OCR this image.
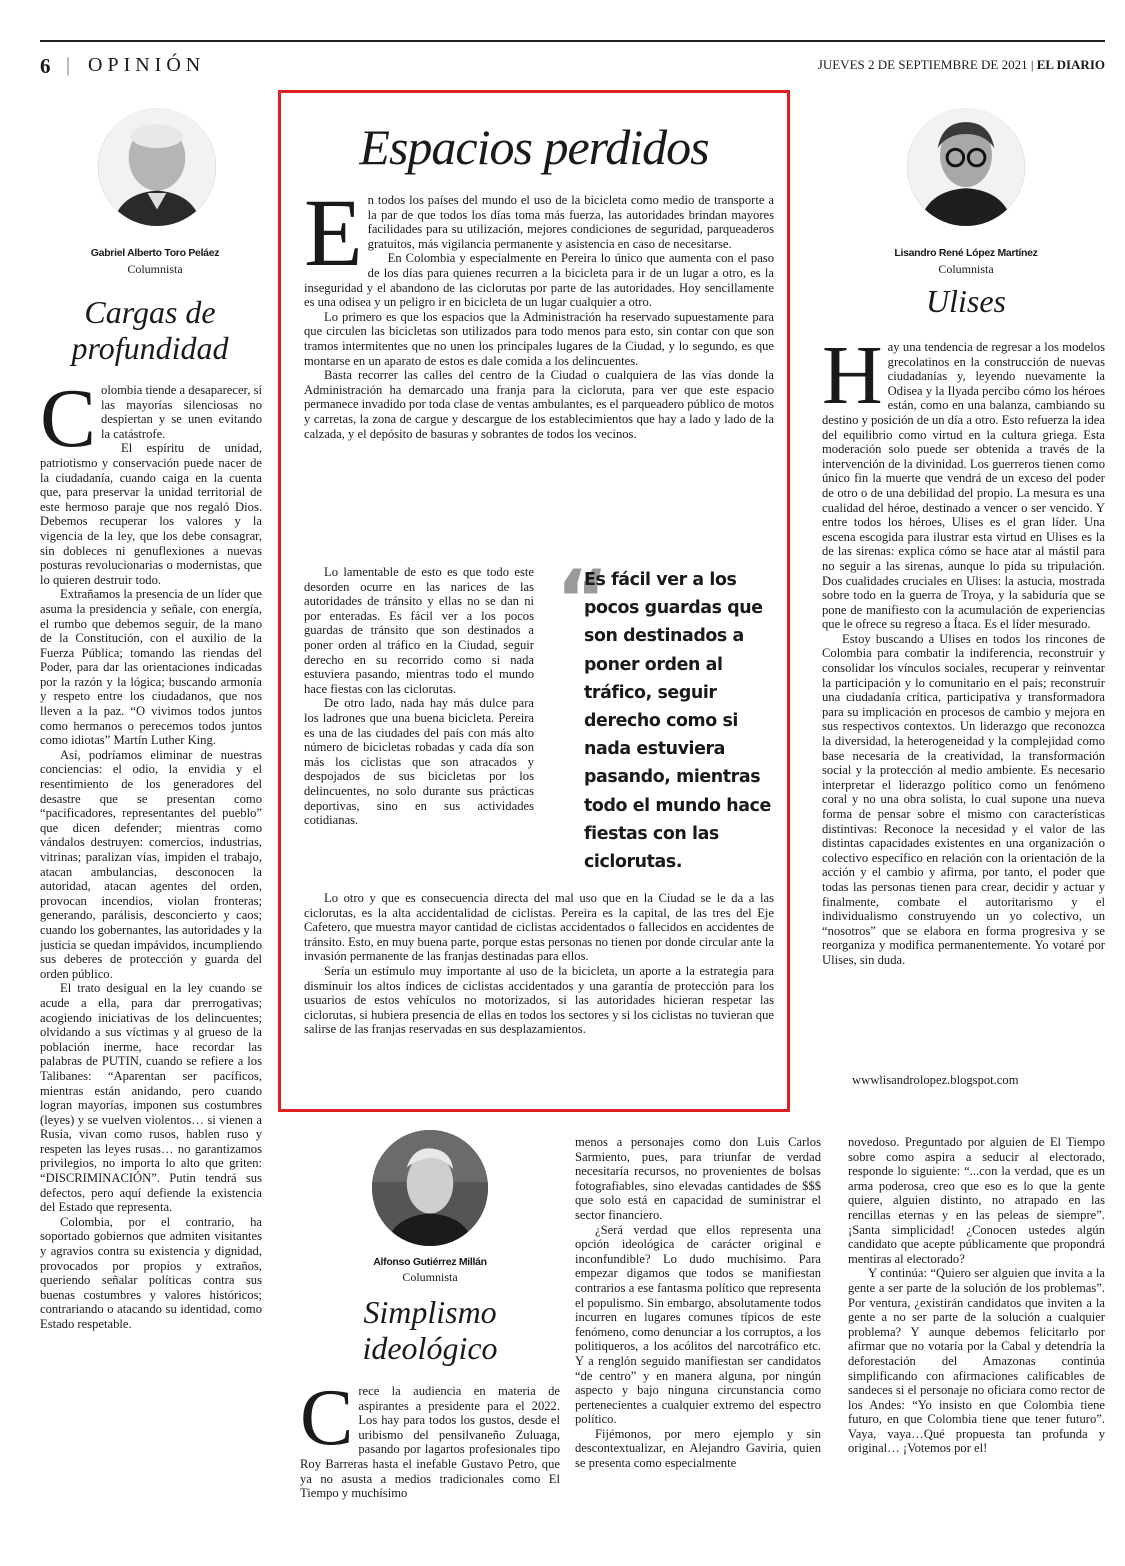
6 | OPINIÓN	JUEVES 2 DE SEPTIEMBRE DE 2021 | EL DIARIO
Gabriel Alberto Toro Peláez
Columnista
Cargas de
profundidad
C olombia tiende a desaparecer, sí las mayorías silenciosas no despiertan y se unen evitando la catástrofe.

El espíritu de unidad, patriotismo y conservación puede nacer de la ciudadanía, cuando caiga en la cuenta que, para preservar la unidad territorial de este hermoso paraje que nos regaló Dios. Debemos recuperar los valores y la vigencia de la ley, que los debe consagrar, sin dobleces ni genuflexiones a nuevas posturas revolucionarias o modernistas, que lo quieren destruir todo.

Extrañamos la presencia de un líder que asuma la presidencia y señale, con energía, el rumbo que debemos seguir, de la mano de la Constitución, con el auxilio de la Fuerza Pública; tomando las riendas del Poder, para dar las orientaciones indicadas por la razón y la lógica; buscando armonía y respeto entre los ciudadanos, que nos lleven a la paz. “O vivimos todos juntos como hermanos o perecemos todos juntos como idiotas” Martín Luther King.

Así, podríamos eliminar de nuestras conciencias: el odio, la envidia y el resentimiento de los generadores del desastre que se presentan como “pacificadores, representantes del pueblo” que dicen defender; mientras como vándalos destruyen: comercios, industrias, vitrinas; paralizan vías, impiden el trabajo, atacan ambulancias, desconocen la autoridad, atacan agentes del orden, provocan incendios, violan fronteras; generando, parálisis, desconcierto y caos; cuando los gobernantes, las autoridades y la justicia se quedan impávidos, incumpliendo sus deberes de protección y guarda del orden público.

El trato desigual en la ley cuando se acude a ella, para dar prerrogativas; acogiendo iniciativas de los delincuentes; olvidando a sus víctimas y al grueso de la población inerme, hace recordar las palabras de PUTIN, cuando se refiere a los Talibanes: “Aparentan ser pacíficos, mientras están anidando, pero cuando logran mayorías, imponen sus costumbres (leyes) y se vuelven violentos… si vienen a Rusia, vivan como rusos, hablen ruso y respeten las leyes rusas… no garantizamos privilegios, no importa lo alto que griten: “DISCRIMINACIÓN”. Putin tendrá sus defectos, pero aquí defiende la existencia del Estado que representa.

Colombia, por el contrario, ha soportado gobiernos que admiten visitantes y agravios contra su existencia y dignidad, provocados por propios y extraños, queriendo señalar políticas contra sus buenas costumbres y valores históricos; contrariando o atacando su identidad, como Estado respetable.

Espacios perdidos
E n todos los países del mundo el uso de la bicicleta como medio de transporte a la par de que todos los días toma más fuerza, las autoridades brindan mayores facilidades para su utilización, mejores condiciones de seguridad, parqueaderos gratuitos, más vigilancia permanente y asistencia en caso de necesitarse.

En Colombia y especialmente en Pereira lo único que aumenta con el paso de los días para quienes recurren a la bicicleta para ir de un lugar a otro, es la inseguridad y el abandono de las ciclorutas por parte de las autoridades. Hoy sencillamente es una odisea y un peligro ir en bicicleta de un lugar cualquier a otro.

Lo primero es que los espacios que la Administración ha reservado supuestamente para que circulen las bicicletas son utilizados para todo menos para esto, sin contar con que son tramos intermitentes que no unen los principales lugares de la Ciudad, y lo segundo, es que montarse en un aparato de estos es dale comida a los delincuentes.

Basta recorrer las calles del centro de la Ciudad o cualquiera de las vías donde la Administración ha demarcado una franja para la cicloruta, para ver que este espacio permanece invadido por toda clase de ventas ambulantes, es el parqueadero público de motos y carretas, la zona de cargue y descargue de los establecimientos que hay a lado y lado de la calzada, y el depósito de basuras y sobrantes de todos los vecinos.

Lo lamentable de esto es que todo este desorden ocurre en las narices de las autoridades de tránsito y ellas no se dan ni por enteradas. Es fácil ver a los pocos guardas de tránsito que son destinados a poner orden al tráfico en la Ciudad, seguir derecho en su recorrido como si nada estuviera pasando, mientras todo el mundo hace fiestas con las ciclorutas.

De otro lado, nada hay más dulce para los ladrones que una buena bicicleta. Pereira es una de las ciudades del país con más alto número de bicicletas robadas y cada día son más los ciclistas que son atracados y despojados de sus bicicletas por los delincuentes, no solo durante sus prácticas deportivas, sino en sus actividades cotidianas.

“
Es fácil ver a los pocos guardas que son destinados a poner orden al tráfico, seguir derecho como si nada estuviera pasando, mientras todo el mundo hace fiestas con las ciclorutas.

Lo otro y que es consecuencia directa del mal uso que en la Ciudad se le da a las ciclorutas, es la alta accidentalidad de ciclistas. Pereira es la capital, de las tres del Eje Cafetero, que muestra mayor cantidad de ciclistas accidentados o fallecidos en accidentes de tránsito. Esto, en muy buena parte, porque estas personas no tienen por donde circular ante la invasión permanente de las franjas destinadas para ellos.

Sería un estímulo muy importante al uso de la bicicleta, un aporte a la estrategia para disminuir los altos índices de ciclistas accidentados y una garantía de protección para los usuarios de estos vehículos no motorizados, si las autoridades hicieran respetar las ciclorutas, si hubiera presencia de ellas en todos los sectores y si los ciclistas no tuvieran que salirse de las franjas reservadas en sus desplazamientos.

Lisandro René López Martínez
Columnista
Ulises
H ay una tendencia de regresar a los modelos grecolatinos en la construcción de nuevas ciudadanías y, leyendo nuevamente la Odisea y la Ilyada percibo cómo los héroes están, como en una balanza, cambiando su destino y posición de un día a otro. Esto refuerza la idea del equilibrio como virtud en la cultura griega. Esta moderación solo puede ser obtenida a través de la intervención de la divinidad. Los guerreros tienen como único fin la muerte que vendrá de un exceso del poder de otro o de una debilidad del propio. La mesura es una cualidad del héroe, destinado a vencer o ser vencido. Y entre todos los héroes, Ulises es el gran líder. Una escena escogida para ilustrar esta virtud en Ulises es la de las sirenas: explica cómo se hace atar al mástil para no seguir a las sirenas, aunque lo pida su tripulación. Dos cualidades cruciales en Ulises: la astucia, mostrada sobre todo en la guerra de Troya, y la sabiduría que se pone de manifiesto con la acumulación de experiencias que le ofrece su regreso a Ítaca. Es el líder mesurado.

Estoy buscando a Ulises en todos los rincones de Colombia para combatir la indiferencia, reconstruir y consolidar los vínculos sociales, recuperar y reinventar la participación y lo comunitario en el país; reconstruir una ciudadanía crítica, participativa y transformadora para su implicación en procesos de cambio y mejora en sus respectivos contextos. Un liderazgo que reconozca la diversidad, la heterogeneidad y la complejidad como base necesaria de la creatividad, la transformación social y la protección al medio ambiente. Es necesario interpretar el liderazgo político como un fenómeno coral y no una obra solista, lo cual supone una nueva forma de pensar sobre el mismo con características distintivas: Reconoce la necesidad y el valor de las distintas capacidades existentes en una organización o colectivo específico en relación con la orientación de la acción y el cambio y afirma, por tanto, el poder que todas las personas tienen para crear, decidir y actuar y finalmente, combate el autoritarismo y el individualismo construyendo un yo colectivo, un “nosotros” que se elabora en forma progresiva y se reorganiza y modifica permanentemente. Yo votaré por Ulises, sin duda.

wwwlisandrolopez.blogspot.com
Alfonso Gutiérrez Millán
Columnista
Simplismo
ideológico
C rece la audiencia en materia de aspirantes a presidente para el 2022. Los hay para todos los gustos, desde el uribismo del pensilvaneño Zuluaga, pasando por lagartos profesionales tipo Roy Barreras hasta el inefable Gustavo Petro, que ya no asusta a medios tradicionales como El Tiempo y muchísimo

menos a personajes como don Luis Carlos Sarmiento, pues, para triunfar de verdad necesitaría recursos, no provenientes de bolsas fotografiables, sino elevadas cantidades de $$$ que solo está en capacidad de suministrar el sector financiero.

¿Será verdad que ellos representa una opción ideológica de carácter original e inconfundible? Lo dudo muchísimo. Para empezar digamos que todos se manifiestan contrarios a ese fantasma político que representa el populismo. Sin embargo, absolutamente todos incurren en lugares comunes típicos de este fenómeno, como denunciar a los corruptos, a los politiqueros, a los acólitos del narcotráfico etc. Y a renglón seguido manifiestan ser candidatos “de centro” y en manera alguna, por ningún aspecto y bajo ninguna circunstancia como pertenecientes a cualquier extremo del espectro político.

Fijémonos, por mero ejemplo y sin descontextualizar, en Alejandro Gaviria, quien se presenta como especialmente

novedoso. Preguntado por alguien de El Tiempo sobre como aspira a seducir al electorado, responde lo siguiente: “...con la verdad, que es un arma poderosa, creo que eso es lo que la gente quiere, alguien distinto, no atrapado en las rencillas eternas y en las peleas de siempre”. ¡Santa simplicidad! ¿Conocen ustedes algún candidato que acepte públicamente que propondrá mentiras al electorado?

Y continúa: “Quiero ser alguien que invita a la gente a ser parte de la solución de los problemas”. Por ventura, ¿existirán candidatos que inviten a la gente a no ser parte de la solución a cualquier problema? Y aunque debemos felicitarlo por afirmar que no votaría por la Cabal y detendría la deforestación del Amazonas continúa simplificando con afirmaciones calificables de sandeces si el personaje no oficiara como rector de los Andes: “Yo insisto en que Colombia tiene futuro, en que Colombia tiene que tener futuro”. Vaya, vaya…Qué propuesta tan profunda y original… ¡Votemos por el!
